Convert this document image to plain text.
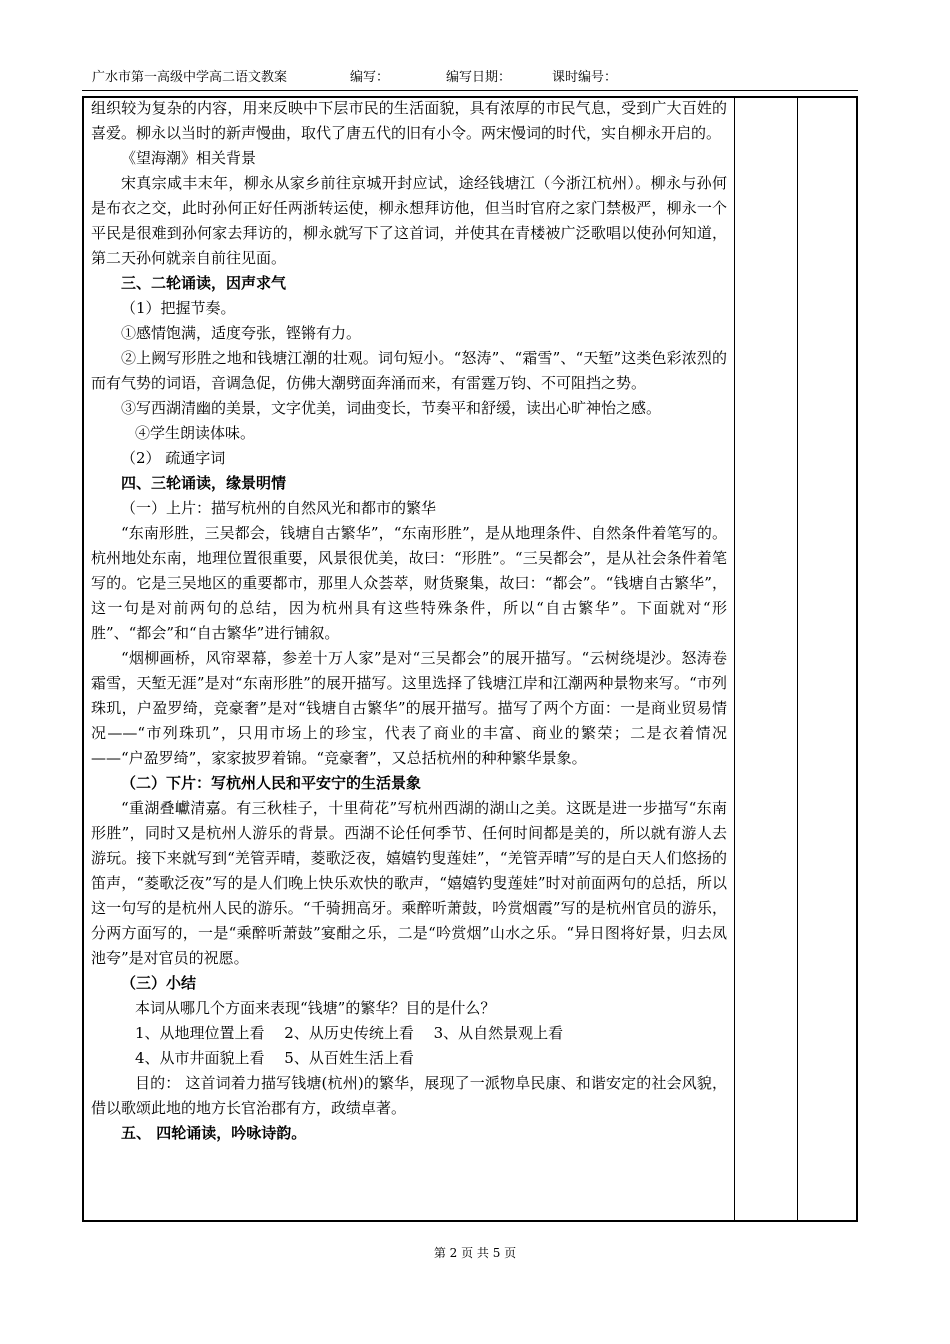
广水市第一高级中学高二语文教案	编写：	编写日期：	课时编号：

组织较为复杂的内容，用来反映中下层市民的生活面貌，具有浓厚的市民气息，受到广大百姓的喜爱。柳永以当时的新声慢曲，取代了唐五代的旧有小令。两宋慢词的时代，实自柳永开启的。

《望海潮》相关背景

宋真宗咸丰末年，柳永从家乡前往京城开封应试，途经钱塘江（今浙江杭州）。柳永与孙何是布衣之交，此时孙何正好任两浙转运使，柳永想拜访他，但当时官府之家门禁极严，柳永一个平民是很难到孙何家去拜访的，柳永就写下了这首词，并使其在青楼被广泛歌唱以使孙何知道，第二天孙何就亲自前往见面。

三、二轮诵读，因声求气

（1）把握节奏。

①感情饱满，适度夸张，铿锵有力。

②上阙写形胜之地和钱塘江潮的壮观。词句短小。“怒涛”、“霜雪”、“天堑”这类色彩浓烈的而有气势的词语，音调急促，仿佛大潮劈面奔涌而来，有雷霆万钧、不可阻挡之势。

③写西湖清幽的美景，文字优美，词曲变长，节奏平和舒缓，读出心旷神怡之感。

④学生朗读体味。

（2） 疏通字词

四、三轮诵读，缘景明情

（一）上片：描写杭州的自然风光和都市的繁华

“东南形胜，三吴都会，钱塘自古繁华”，“东南形胜”，是从地理条件、自然条件着笔写的。杭州地处东南，地理位置很重要，风景很优美，故曰：“形胜”。“三吴都会”，是从社会条件着笔写的。它是三吴地区的重要都市，那里人众荟萃，财货聚集，故曰：“都会”。“钱塘自古繁华”，这一句是对前两句的总结，因为杭州具有这些特殊条件，所以“自古繁华”。下面就对“形胜”、“都会”和“自古繁华”进行铺叙。

“烟柳画桥，风帘翠幕，参差十万人家”是对“三吴都会”的展开描写。“云树绕堤沙。怒涛卷霜雪，天堑无涯”是对“东南形胜”的展开描写。这里选择了钱塘江岸和江潮两种景物来写。“市列珠玑，户盈罗绮，竞豪奢”是对“钱塘自古繁华”的展开描写。描写了两个方面：一是商业贸易情况——“市列珠玑”，只用市场上的珍宝，代表了商业的丰富、商业的繁荣；二是衣着情况——“户盈罗绮”，家家披罗着锦。“竞豪奢”，又总括杭州的种种繁华景象。

（二）下片：写杭州人民和平安宁的生活景象

“重湖叠巘清嘉。有三秋桂子，十里荷花”写杭州西湖的湖山之美。这既是进一步描写“东南形胜”，同时又是杭州人游乐的背景。西湖不论任何季节、任何时间都是美的，所以就有游人去游玩。接下来就写到“羌管弄晴，菱歌泛夜，嬉嬉钓叟莲娃”，“羌管弄晴”写的是白天人们悠扬的笛声，“菱歌泛夜”写的是人们晚上快乐欢快的歌声，“嬉嬉钓叟莲娃”时对前面两句的总括，所以这一句写的是杭州人民的游乐。“千骑拥高牙。乘醉听萧鼓，吟赏烟霞”写的是杭州官员的游乐，分两方面写的，一是“乘醉听萧鼓”宴酣之乐，二是“吟赏烟”山水之乐。“异日图将好景，归去凤池夸”是对官员的祝愿。

（三）小结

本词从哪几个方面来表现“钱塘”的繁华？目的是什么？

1、从地理位置上看　 2、从历史传统上看　 3、从自然景观上看

4、从市井面貌上看　 5、从百姓生活上看

目的： 这首词着力描写钱塘(杭州)的繁华，展现了一派物阜民康、和谐安定的社会风貌，借以歌颂此地的地方长官治郡有方，政绩卓著。

五、 四轮诵读，吟咏诗韵。

第 2 页 共 5 页
